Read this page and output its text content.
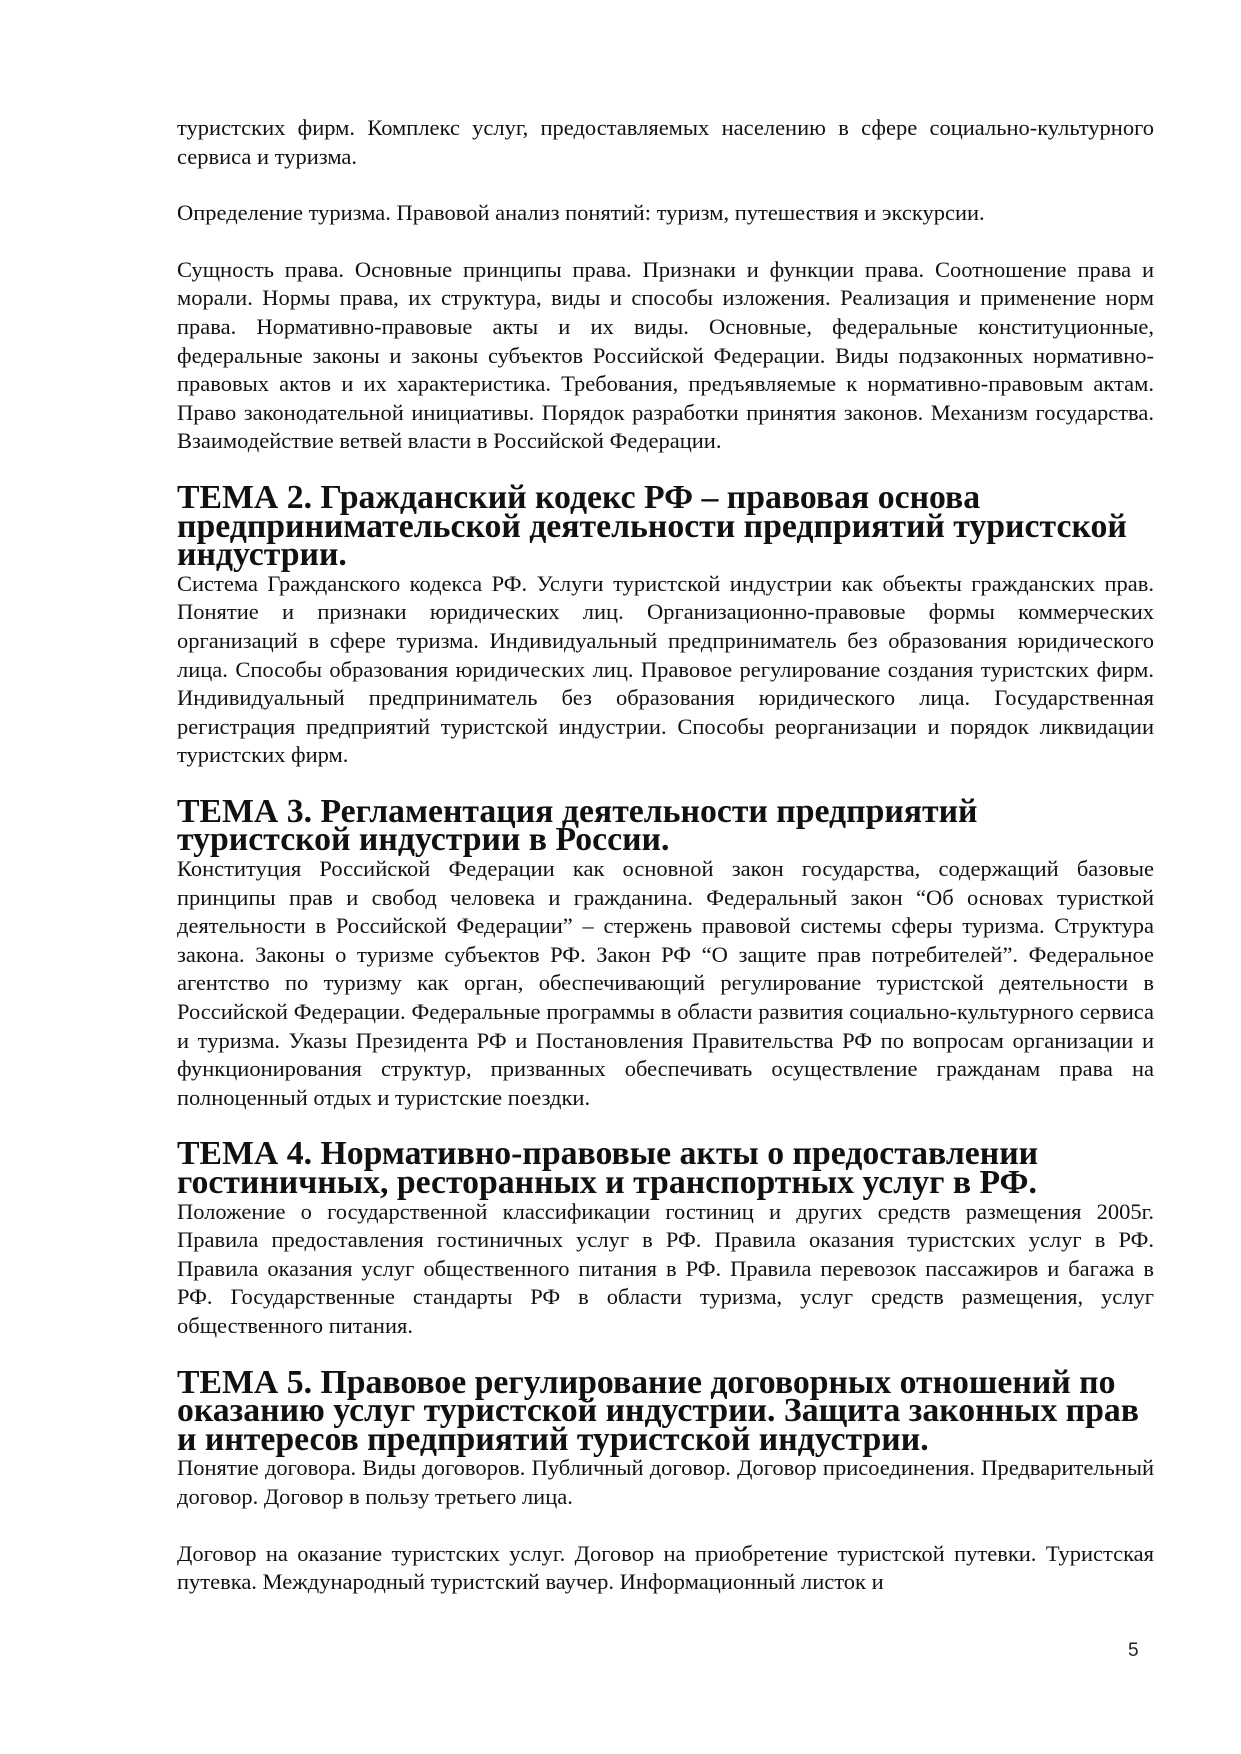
туристских фирм. Комплекс услуг, предоставляемых населению в сфере социально-культурного сервиса и туризма.

Определение туризма. Правовой анализ понятий: туризм, путешествия и экскурсии.

Сущность права. Основные принципы права. Признаки и функции права. Соотношение права и морали. Нормы права, их структура, виды и способы изложения. Реализация и применение норм права. Нормативно-правовые акты и их виды. Основные, федеральные конституционные, федеральные законы и законы субъектов Российской Федерации. Виды подзаконных нормативно-правовых актов и их характеристика. Требования, предъявляемые к нормативно-правовым актам. Право законодательной инициативы. Порядок разработки принятия законов. Механизм государства. Взаимодействие ветвей власти в Российской Федерации.

ТЕМА 2. Гражданский кодекс РФ – правовая основа предпринимательской деятельности предприятий туристской индустрии.

Система Гражданского кодекса РФ. Услуги туристской индустрии как объекты гражданских прав. Понятие и признаки юридических лиц. Организационно-правовые формы коммерческих организаций в сфере туризма. Индивидуальный предприниматель без образования юридического лица. Способы образования юридических лиц. Правовое регулирование создания туристских фирм. Индивидуальный предприниматель без образования юридического лица. Государственная регистрация предприятий туристской индустрии. Способы реорганизации и порядок ликвидации туристских фирм.

ТЕМА 3. Регламентация деятельности предприятий туристской индустрии в России.

Конституция Российской Федерации как основной закон государства, содержащий базовые принципы прав и свобод человека и гражданина. Федеральный закон “Об основах туристкой деятельности в Российской Федерации” – стержень правовой системы сферы туризма. Структура закона. Законы о туризме субъектов РФ. Закон РФ “О защите прав потребителей”. Федеральное агентство по туризму как орган, обеспечивающий регулирование туристской деятельности в Российской Федерации. Федеральные программы в области развития социально-культурного сервиса и туризма. Указы Президента РФ и Постановления Правительства РФ по вопросам организации и функционирования структур, призванных обеспечивать осуществление гражданам права на полноценный отдых и туристские поездки.

ТЕМА 4. Нормативно-правовые акты о предоставлении гостиничных, ресторанных и транспортных услуг в РФ.

Положение о государственной классификации гостиниц и других средств размещения 2005г. Правила предоставления гостиничных услуг в РФ. Правила оказания туристских услуг в РФ. Правила оказания услуг общественного питания в РФ. Правила перевозок пассажиров и багажа в РФ. Государственные стандарты РФ в области туризма, услуг средств размещения, услуг общественного питания.

ТЕМА 5. Правовое регулирование договорных отношений по оказанию услуг туристской индустрии. Защита законных прав и интересов предприятий туристской индустрии.

Понятие договора. Виды договоров. Публичный договор. Договор присоединения. Предварительный договор. Договор в пользу третьего лица.

Договор на оказание туристских услуг. Договор на приобретение туристской путевки. Туристская путевка. Международный туристский ваучер. Информационный листок и

5
